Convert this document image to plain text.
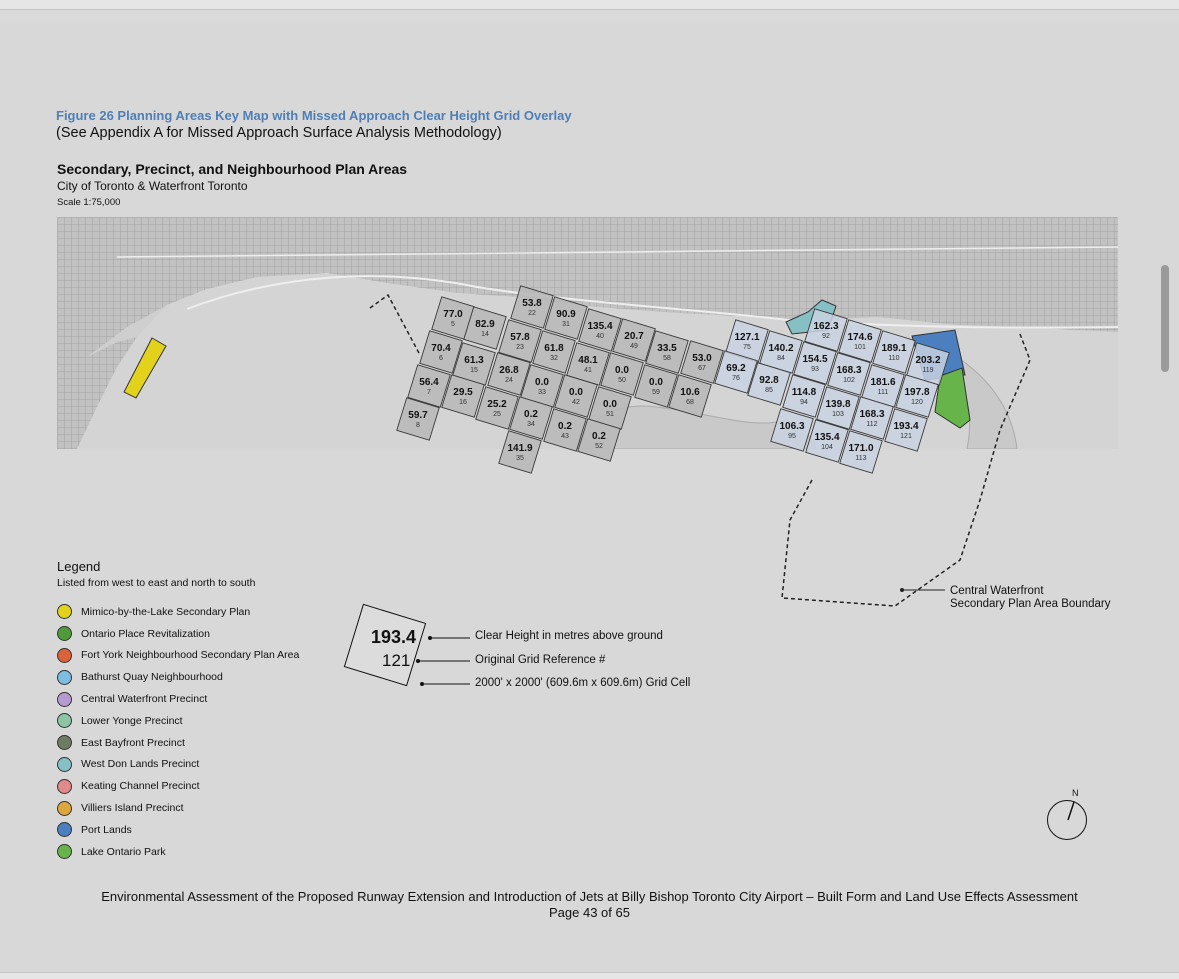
Figure 26 Planning Areas Key Map with Missed Approach Clear Height Grid Overlay
(See Appendix A for Missed Approach Surface Analysis Methodology)
Secondary, Precinct, and Neighbourhood Plan Areas
City of Toronto & Waterfront Toronto
Scale 1:75,000
77.0
5 82.9
14
53.8
22 90.9
31 135.4
40 20.7
49
70.4
6
57.8
23 61.8
32
33.5
58 53.0
67
61.3
15 26.8
24
48.1
41 0.0
50
56.4
7 29.5
16
0.0
33 0.0
42
0.0
59 10.6
68
25.2
25
0.0
51
59.7
8
0.2
34 0.2
43 0.2
52
141.9
35
127.1
75
69.2
76
140.2
84
92.8
85
162.3
92
154.5
93
114.8
94
106.3
95
174.6
101
168.3
102
139.8
103
135.4
104
189.1
110
181.6
111
168.3
112
171.0
113
203.2
119
197.8
120
193.4
121
Legend
Listed from west to east and north to south
Mimico-by-the-Lake Secondary Plan
Ontario Place Revitalization
Fort York Neighbourhood Secondary Plan Area
Bathurst Quay Neighbourhood
Central Waterfront Precinct
Lower Yonge Precinct
East Bayfront Precinct
West Don Lands Precinct
Keating Channel Precinct
Villiers Island Precinct
Port Lands
Lake Ontario Park
193.4
121
Clear Height in metres above ground
Original Grid Reference #
2000' x 2000' (609.6m x 609.6m) Grid Cell
Central Waterfront
Secondary Plan Area Boundary
N
Environmental Assessment of the Proposed Runway Extension and Introduction of Jets at Billy Bishop Toronto City Airport – Built Form and Land Use Effects Assessment
Page 43 of 65
